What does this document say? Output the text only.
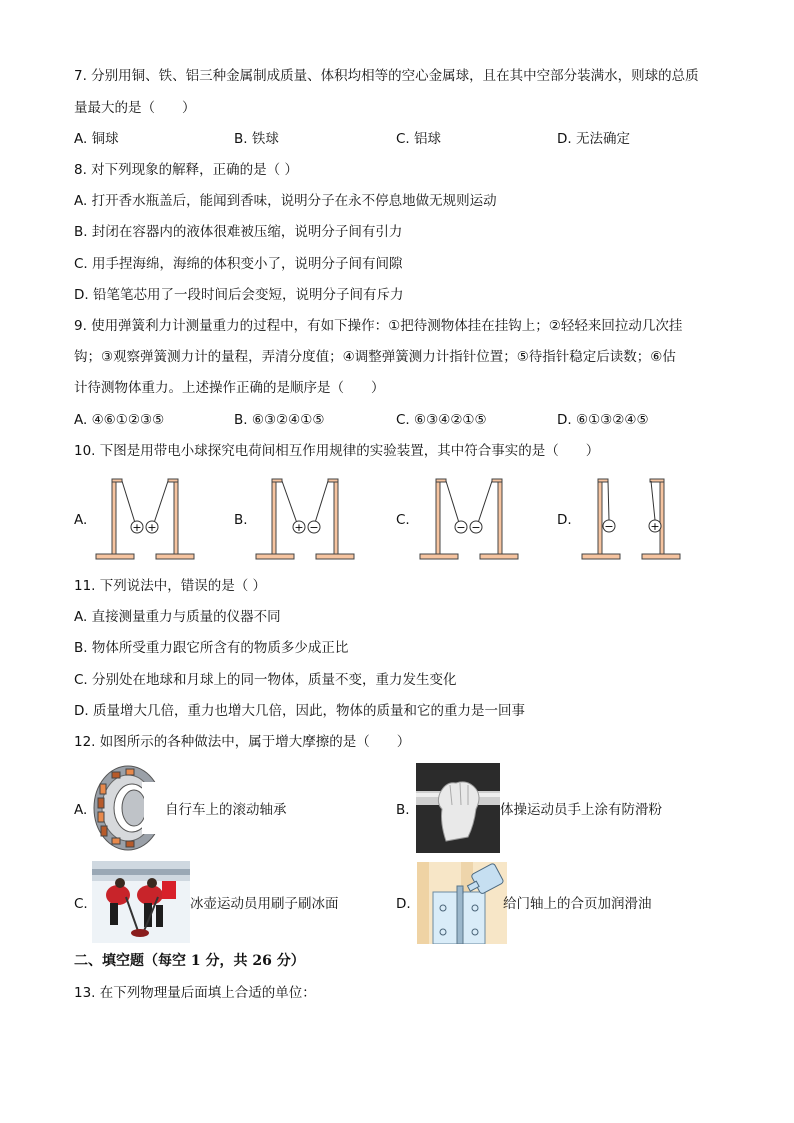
7. 分别用铜、铁、铝三种金属制成质量、体积均相等的空心金属球，且在其中空部分装满水，则球的总质
量最大的是（　　）
A. 铜球	B. 铁球	C. 铝球	D. 无法确定
8. 对下列现象的解释，正确的是（ ）
A. 打开香水瓶盖后，能闻到香味，说明分子在永不停息地做无规则运动
B. 封闭在容器内的液体很难被压缩，说明分子间有引力
C. 用手捏海绵，海绵的体积变小了，说明分子间有间隙
D. 铅笔笔芯用了一段时间后会变短，说明分子间有斥力
9. 使用弹簧利力计测量重力的过程中，有如下操作：①把待测物体挂在挂钩上；②轻轻来回拉动几次挂
钩；③观察弹簧测力计的量程，弄清分度值；④调整弹簧测力计指针位置；⑤待指针稳定后读数；⑥估
计待测物体重力。上述操作正确的是顺序是（　　）
A. ④⑥①②③⑤	B. ⑥③②④①⑤	C. ⑥③④②①⑤	D. ⑥①③②④⑤
10. 下图是用带电小球探究电荷间相互作用规律的实验装置，其中符合事实的是（　　）
A.	+ +	B.	+ −	C.	− −	D.	−	+
11. 下列说法中，错误的是（ ）
A. 直接测量重力与质量的仪器不同
B. 物体所受重力跟它所含有的物质多少成正比
C. 分别处在地球和月球上的同一物体，质量不变，重力发生变化
D. 质量增大几倍，重力也增大几倍，因此，物体的质量和它的重力是一回事
12. 如图所示的各种做法中，属于增大摩擦的是（　　）
A.	自行车上的滚动轴承	B.	体操运动员手上涂有防滑粉
C.	冰壶运动员用刷子刷冰面	D.	给门轴上的合页加润滑油
二、填空题（每空 1 分，共 26 分）
13. 在下列物理量后面填上合适的单位：
